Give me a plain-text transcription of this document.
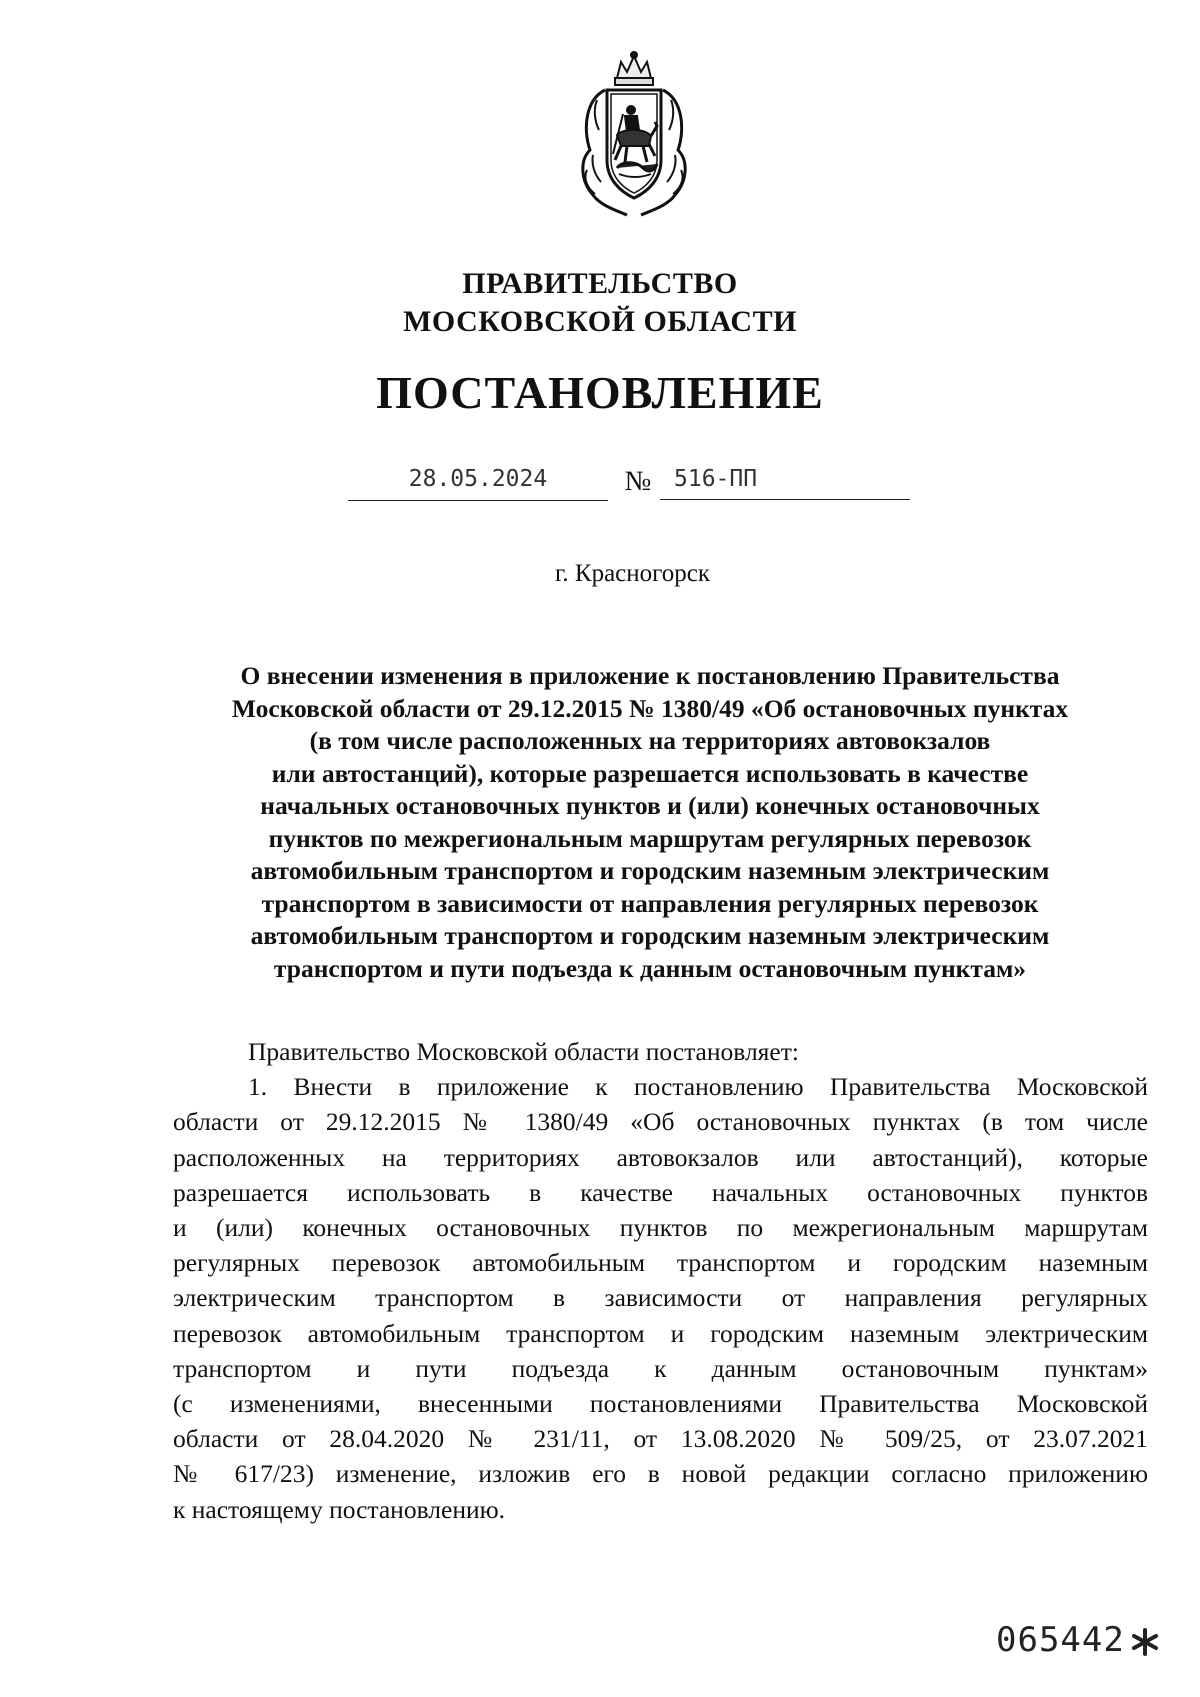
ПРАВИТЕЛЬСТВО
МОСКОВСКОЙ ОБЛАСТИ
ПОСТАНОВЛЕНИЕ
28.05.2024	№ 516-ПП
г. Красногорск
О внесении изменения в приложение к постановлению Правительства
Московской области от 29.12.2015 № 1380/49 «Об остановочных пунктах
(в том числе расположенных на территориях автовокзалов
или автостанций), которые разрешается использовать в качестве
начальных остановочных пунктов и (или) конечных остановочных
пунктов по межрегиональным маршрутам регулярных перевозок
автомобильным транспортом и городским наземным электрическим
транспортом в зависимости от направления регулярных перевозок
автомобильным транспортом и городским наземным электрическим
транспортом и пути подъезда к данным остановочным пунктам»
Правительство Московской области постановляет:
1. Внести в приложение к постановлению Правительства Московской
области от 29.12.2015 № 1380/49 «Об остановочных пунктах (в том числе
расположенных на территориях автовокзалов или автостанций), которые
разрешается использовать в качестве начальных остановочных пунктов
и (или) конечных остановочных пунктов по межрегиональным маршрутам
регулярных перевозок автомобильным транспортом и городским наземным
электрическим транспортом в зависимости от направления регулярных
перевозок автомобильным транспортом и городским наземным электрическим
транспортом и пути подъезда к данным остановочным пунктам»
(с изменениями, внесенными постановлениями Правительства Московской
области от 28.04.2020 № 231/11, от 13.08.2020 № 509/25, от 23.07.2021
№ 617/23) изменение, изложив его в новой редакции согласно приложению
к настоящему постановлению.
065442
